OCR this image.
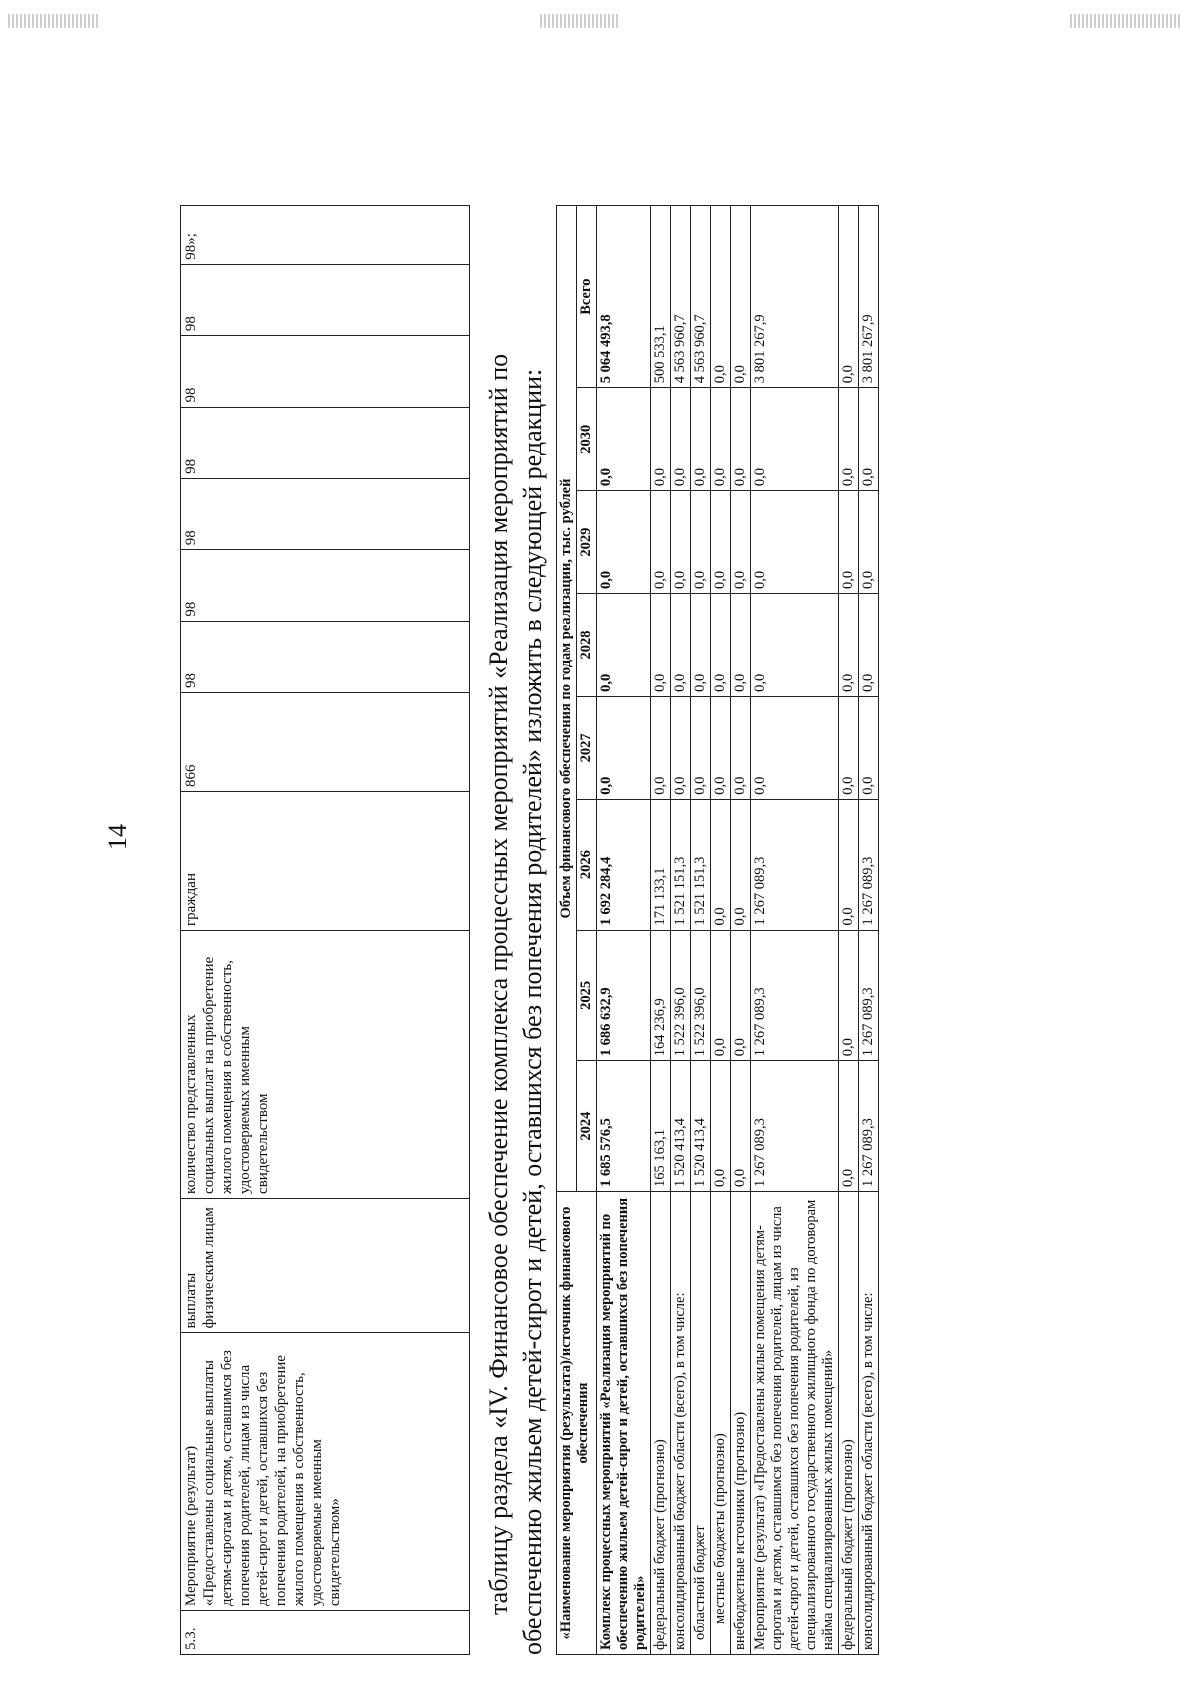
14
5.3.	Мероприятие (результат) «Предоставлены социальные выплаты детям-сиротам и детям, оставшимся без попечения родителей, лицам из числа детей-сирот и детей, оставшихся без попечения родителей, на приобретение жилого помещения в собственность, удостоверяемые именным свидетельством»	выплаты физическим лицам	количество представленных социальных выплат на приобретение жилого помещения в собственность, удостоверяемых именным свидетельством	граждан	866	98	98	98	98	98	98	98»;
таблицу раздела «IV. Финансовое обеспечение комплекса процессных мероприятий «Реализация мероприятий по обеспечению жильем детей-сирот и детей, оставшихся без попечения родителей» изложить в следующей редакции: «Наименование мероприятия (результата)/источник финансового обеспечения	Объем финансового обеспечения по годам реализации, тыс. рублей							
	2024	2025	2026	2027	2028	2029	2030	Всего
Комплекс процессных мероприятий «Реализация мероприятий по обеспечению жильем детей-сирот и детей, оставшихся без попечения родителей»	1 685 576,5	1 686 632,9	1 692 284,4	0,0	0,0	0,0	0,0	5 064 493,8
федеральный бюджет (прогнозно)	165 163,1	164 236,9	171 133,1	0,0	0,0	0,0	0,0	500 533,1
консолидированный бюджет области (всего), в том числе:	1 520 413,4	1 522 396,0	1 521 151,3	0,0	0,0	0,0	0,0	4 563 960,7
областной бюджет	1 520 413,4	1 522 396,0	1 521 151,3	0,0	0,0	0,0	0,0	4 563 960,7
местные бюджеты (прогнозно)	0,0	0,0	0,0	0,0	0,0	0,0	0,0	0,0
внебюджетные источники (прогнозно)	0,0	0,0	0,0	0,0	0,0	0,0	0,0	0,0
Мероприятие (результат) «Предоставлены жилые помещения детям-сиротам и детям, оставшимся без попечения родителей, лицам из числа детей-сирот и детей, оставшихся без попечения родителей, из специализированного государственного жилищного фонда по договорам найма специализированных жилых помещений»	1 267 089,3	1 267 089,3	1 267 089,3	0,0	0,0	0,0	0,0	3 801 267,9
федеральный бюджет (прогнозно)	0,0	0,0	0,0	0,0	0,0	0,0	0,0	0,0
консолидированный бюджет области (всего), в том числе:	1 267 089,3	1 267 089,3	1 267 089,3	0,0	0,0	0,0	0,0	3 801 267,9
